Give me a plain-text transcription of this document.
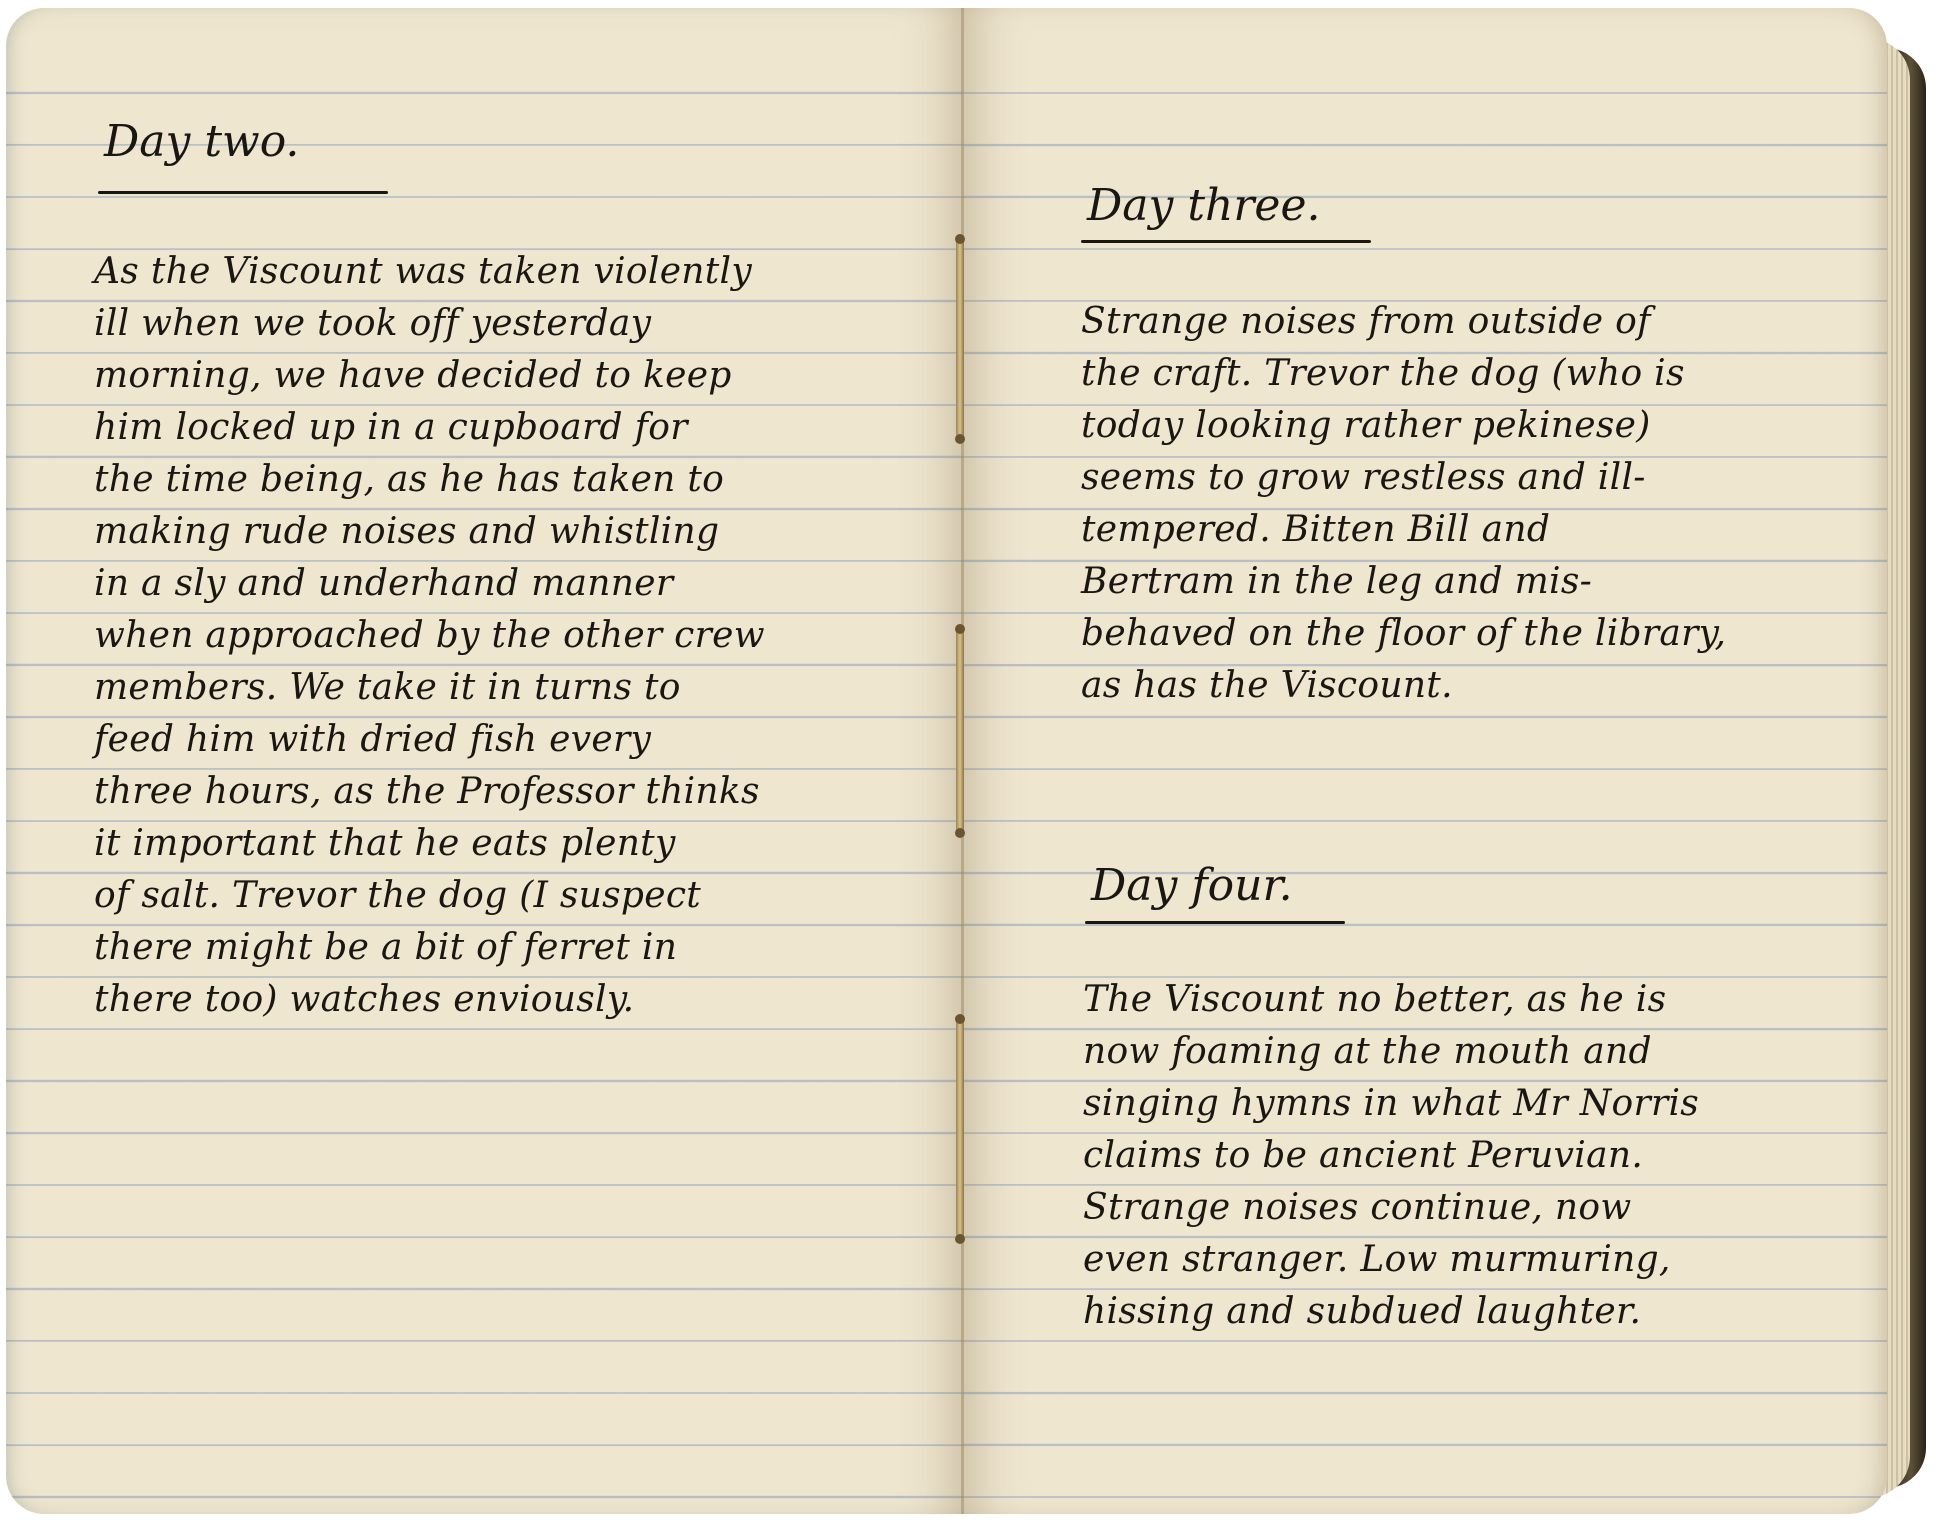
Day two.
As the Viscount was taken violently
ill when we took off yesterday
morning, we have decided to keep
him locked up in a cupboard for
the time being, as he has taken to
making rude noises and whistling
in a sly and underhand manner
when approached by the other crew
members. We take it in turns to
feed him with dried fish every
three hours, as the Professor thinks
it important that he eats plenty
of salt. Trevor the dog (I suspect
there might be a bit of ferret in
there too) watches enviously.
Day three.
Strange noises from outside of
the craft. Trevor the dog (who is
today looking rather pekinese)
seems to grow restless and ill-
tempered. Bitten Bill and
Bertram in the leg and mis-
behaved on the floor of the library,
as has the Viscount.
Day four.
The Viscount no better, as he is
now foaming at the mouth and
singing hymns in what Mr Norris
claims to be ancient Peruvian.
Strange noises continue, now
even stranger. Low murmuring,
hissing and subdued laughter.
